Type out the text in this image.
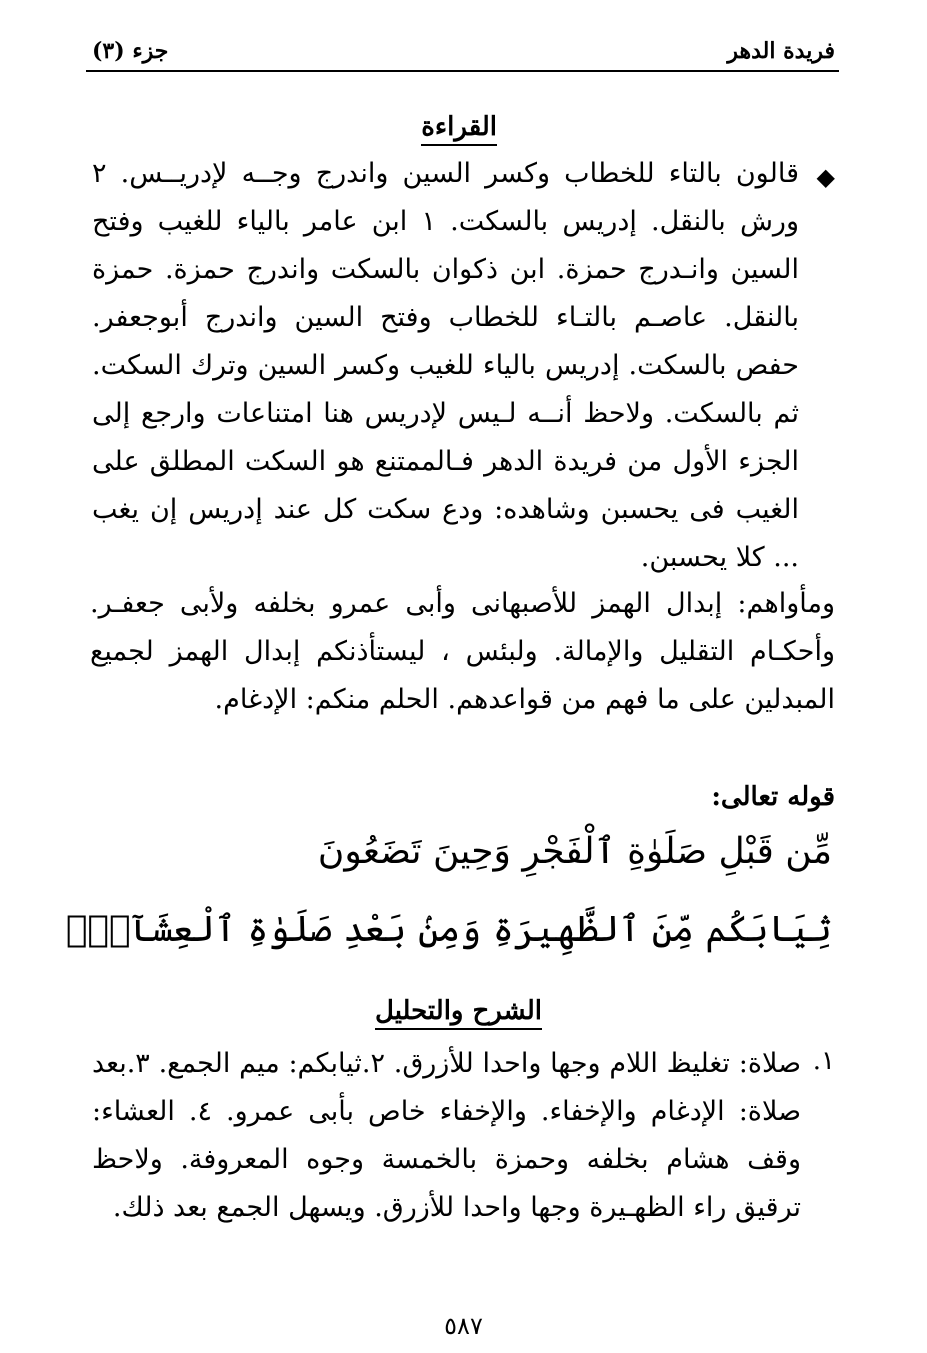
فريدة الدهر
جزء (٣)
القراءة
◆
قالون بالتاء للخطاب وكسر السين واندرج وجــه لإدريــس. ٢ ورش بالنقل. إدريس بالسكت. ١ ابن عامر بالياء للغيب وفتح السين وانـدرج حمزة. ابن ذكوان بالسكت واندرج حمزة. حمزة بالنقل. عاصـم بالتـاء للخطاب وفتح السين واندرج أبوجعفر. حفص بالسكت. إدريس بالياء للغيب وكسر السين وترك السكت. ثم بالسكت. ولاحظ أنــه لـيس لإدريس هنا امتناعات وارجع إلى الجزء الأول من فريدة الدهر فـالممتنع هو السكت المطلق على الغيب فى يحسبن وشاهده: ودع سكت كل عند إدريس إن يغب ... كلا يحسبن.
ومأواهم: إبدال الهمز للأصبهانى وأبى عمرو بخلفه ولأبى جعفـر. وأحكـام التقليل والإمالة. ولبئس ، ليستأذنكم إبدال الهمز لجميع المبدلين على ما فهم من قواعدهم. الحلم منكم: الإدغام.
قوله تعالى:
مِّن قَبْلِ صَلَوٰةِ ٱلْفَجْرِ وَحِينَ تَضَعُونَ
ثِيَابَكُم مِّنَ ٱلظَّهِيرَةِ وَمِنۢ بَعْدِ صَلَوٰةِ ٱلْعِشَآءِۚ
الشرح والتحليل
١.
صلاة: تغليظ اللام وجها واحدا للأزرق. ٢.ثيابكم: ميم الجمع. ٣.بعد صلاة: الإدغام والإخفاء. والإخفاء خاص بأبى عمرو. ٤. العشاء: وقف هشام بخلفه وحمزة بالخمسة وجوه المعروفة. ولاحظ ترقيق راء الظهـيرة وجها واحدا للأزرق. ويسهل الجمع بعد ذلك.
٥٨٧
